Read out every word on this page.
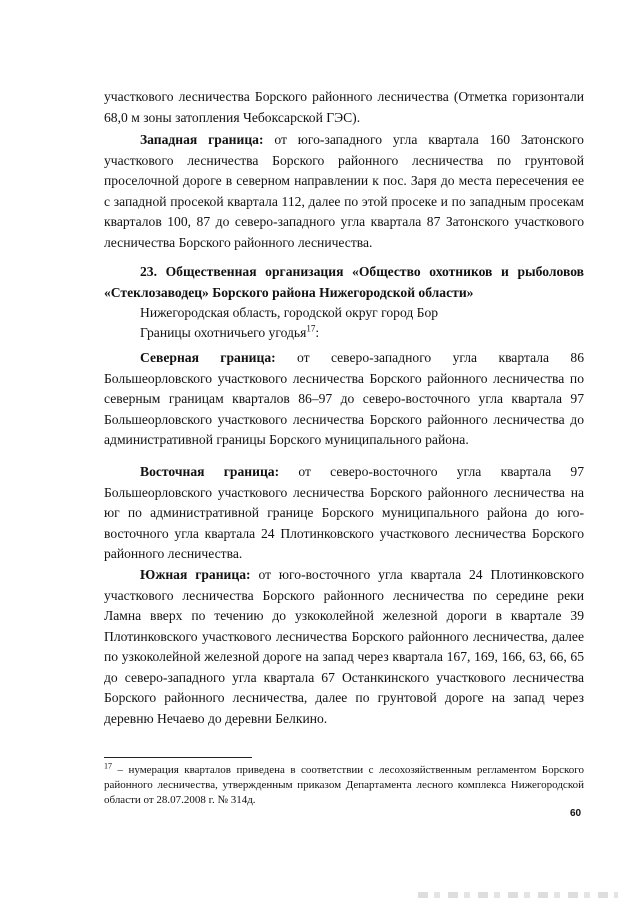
участкового лесничества Борского районного лесничества (Отметка горизонтали 68,0 м зоны затопления Чебоксарской ГЭС).

Западная граница: от юго-западного угла квартала 160 Затонского участкового лесничества Борского районного лесничества по грунтовой проселочной дороге в северном направлении к пос. Заря до места пересечения ее с западной просекой квартала 112, далее по этой просеке и по западным просекам кварталов 100, 87 до северо-западного угла квартала 87 Затонского участкового лесничества Борского районного лесничества.

23. Общественная организация «Общество охотников и рыболовов «Стеклозаводец» Борского района Нижегородской области»

Нижегородская область, городской округ город Бор

Границы охотничьего угодья$^{17}$:

Северная граница: от северо-западного угла квартала 86 Большеорловского участкового лесничества Борского районного лесничества по северным границам кварталов 86–97 до северо-восточного угла квартала 97 Большеорловского участкового лесничества Борского районного лесничества до административной границы Борского муниципального района.

Восточная граница: от северо-восточного угла квартала 97 Большеорловского участкового лесничества Борского районного лесничества на юг по административной границе Борского муниципального района до юго-восточного угла квартала 24 Плотинковского участкового лесничества Борского районного лесничества.

Южная граница: от юго-восточного угла квартала 24 Плотинковского участкового лесничества Борского районного лесничества по середине реки Ламна вверх по течению до узкоколейной железной дороги в квартале 39 Плотинковского участкового лесничества Борского районного лесничества, далее по узкоколейной железной дороге на запад через квартала 167, 169, 166, 63, 66, 65 до северо-западного угла квартала 67 Останкинского участкового лесничества Борского районного лесничества, далее по грунтовой дороге на запад через деревню Нечаево до деревни Белкино.

$^{17}$ – нумерация кварталов приведена в соответствии с лесохозяйственным регламентом Борского районного лесничества, утвержденным приказом Департамента лесного комплекса Нижегородской области от 28.07.2008 г. № 314д.

60
